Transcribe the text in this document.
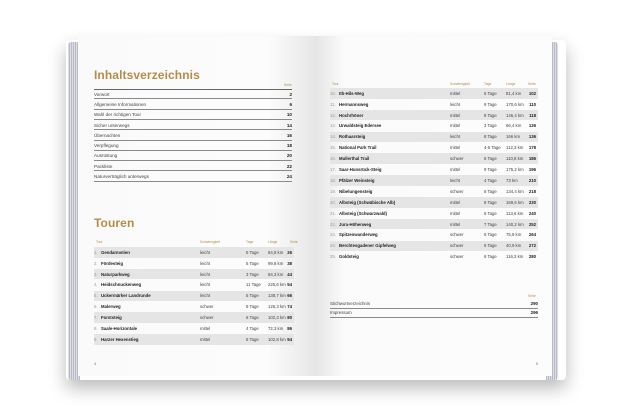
Inhaltsverzeichnis
Seite
Vorwort	2
Allgemeine Informationen	6
Wahl der richtigen Tour	10
Sicher unterwegs	14
Übernachten	16
Verpflegung	18
Ausrüstung	20
Packliste	22
Naturverträglich unterwegs	24
Touren
Tour	Schwierigkeit	Tage	Länge	Seite
1. Gendarmstien	leicht	5 Tage 84,8 km 26
2. Fördesteig	leicht	5 Tage 99,8 km 38
3. Naturparkweg	leicht	3 Tage 84,3 km 44
4. Heidschnuckenweg	leicht	11 Tage 225,6 km 54
5. Uckermärker Landrunde	leicht	5 Tage 138,7 km 66
6. Malerweg	schwer	8 Tage 126,3 km 74
7. Forststeig	schwer	6 Tage 102,3 km 80
8. Saale-Horizontale	mittel	4 Tage 72,3 km 86
9. Harzer Hexenstieg	mittel	5 Tage 102,8 km 94
4
Tour	Schwierigkeit	Tage	Länge	Seite
10. Ith-Hils-Weg	mittel	5 Tage 81,4 km 102
11. Hermannsweg	leicht	9 Tage 170,6 km 110
12. Hochrhöner	mittel	8 Tage 146,4 km 118
13. Urwaldsteig Edersee	mittel	3 Tage 66,4 km 126
14. Rothaarsteig	leicht	8 Tage 166 km 136
15. National Park Trail	mittel	4-5 Tage 112,3 km 178
16. Mullerthal Trail	schwer	6 Tage 110,8 km 186
17. Saar-Hunsrück-Steig	mittel	9 Tage 175,2 km 196
18. Pfälzer Weinsteig	leicht	4 Tage 73 km	210
19. Nibelungensteig	schwer	6 Tage 134,4 km 218
20. Albsteig (Schwäbische Alb)	mittel	8 Tage 169,6 km 230
21. Albsteig (Schwarzwald)	mittel	6 Tage 113,6 km 240
22. Jura-Höhenweg	mittel	7 Tage 140,2 km 252
23. Spitzenwanderweg	schwer	5 Tage 75,8 km 264
24. Berchtesgadener Gipfelweg	schwer	5 Tage 40,9 km 272
25. Goldsteig	schwer	6 Tage 116,3 km 280
Seite
Stichwortverzeichnis	290
Impressum	296
5
